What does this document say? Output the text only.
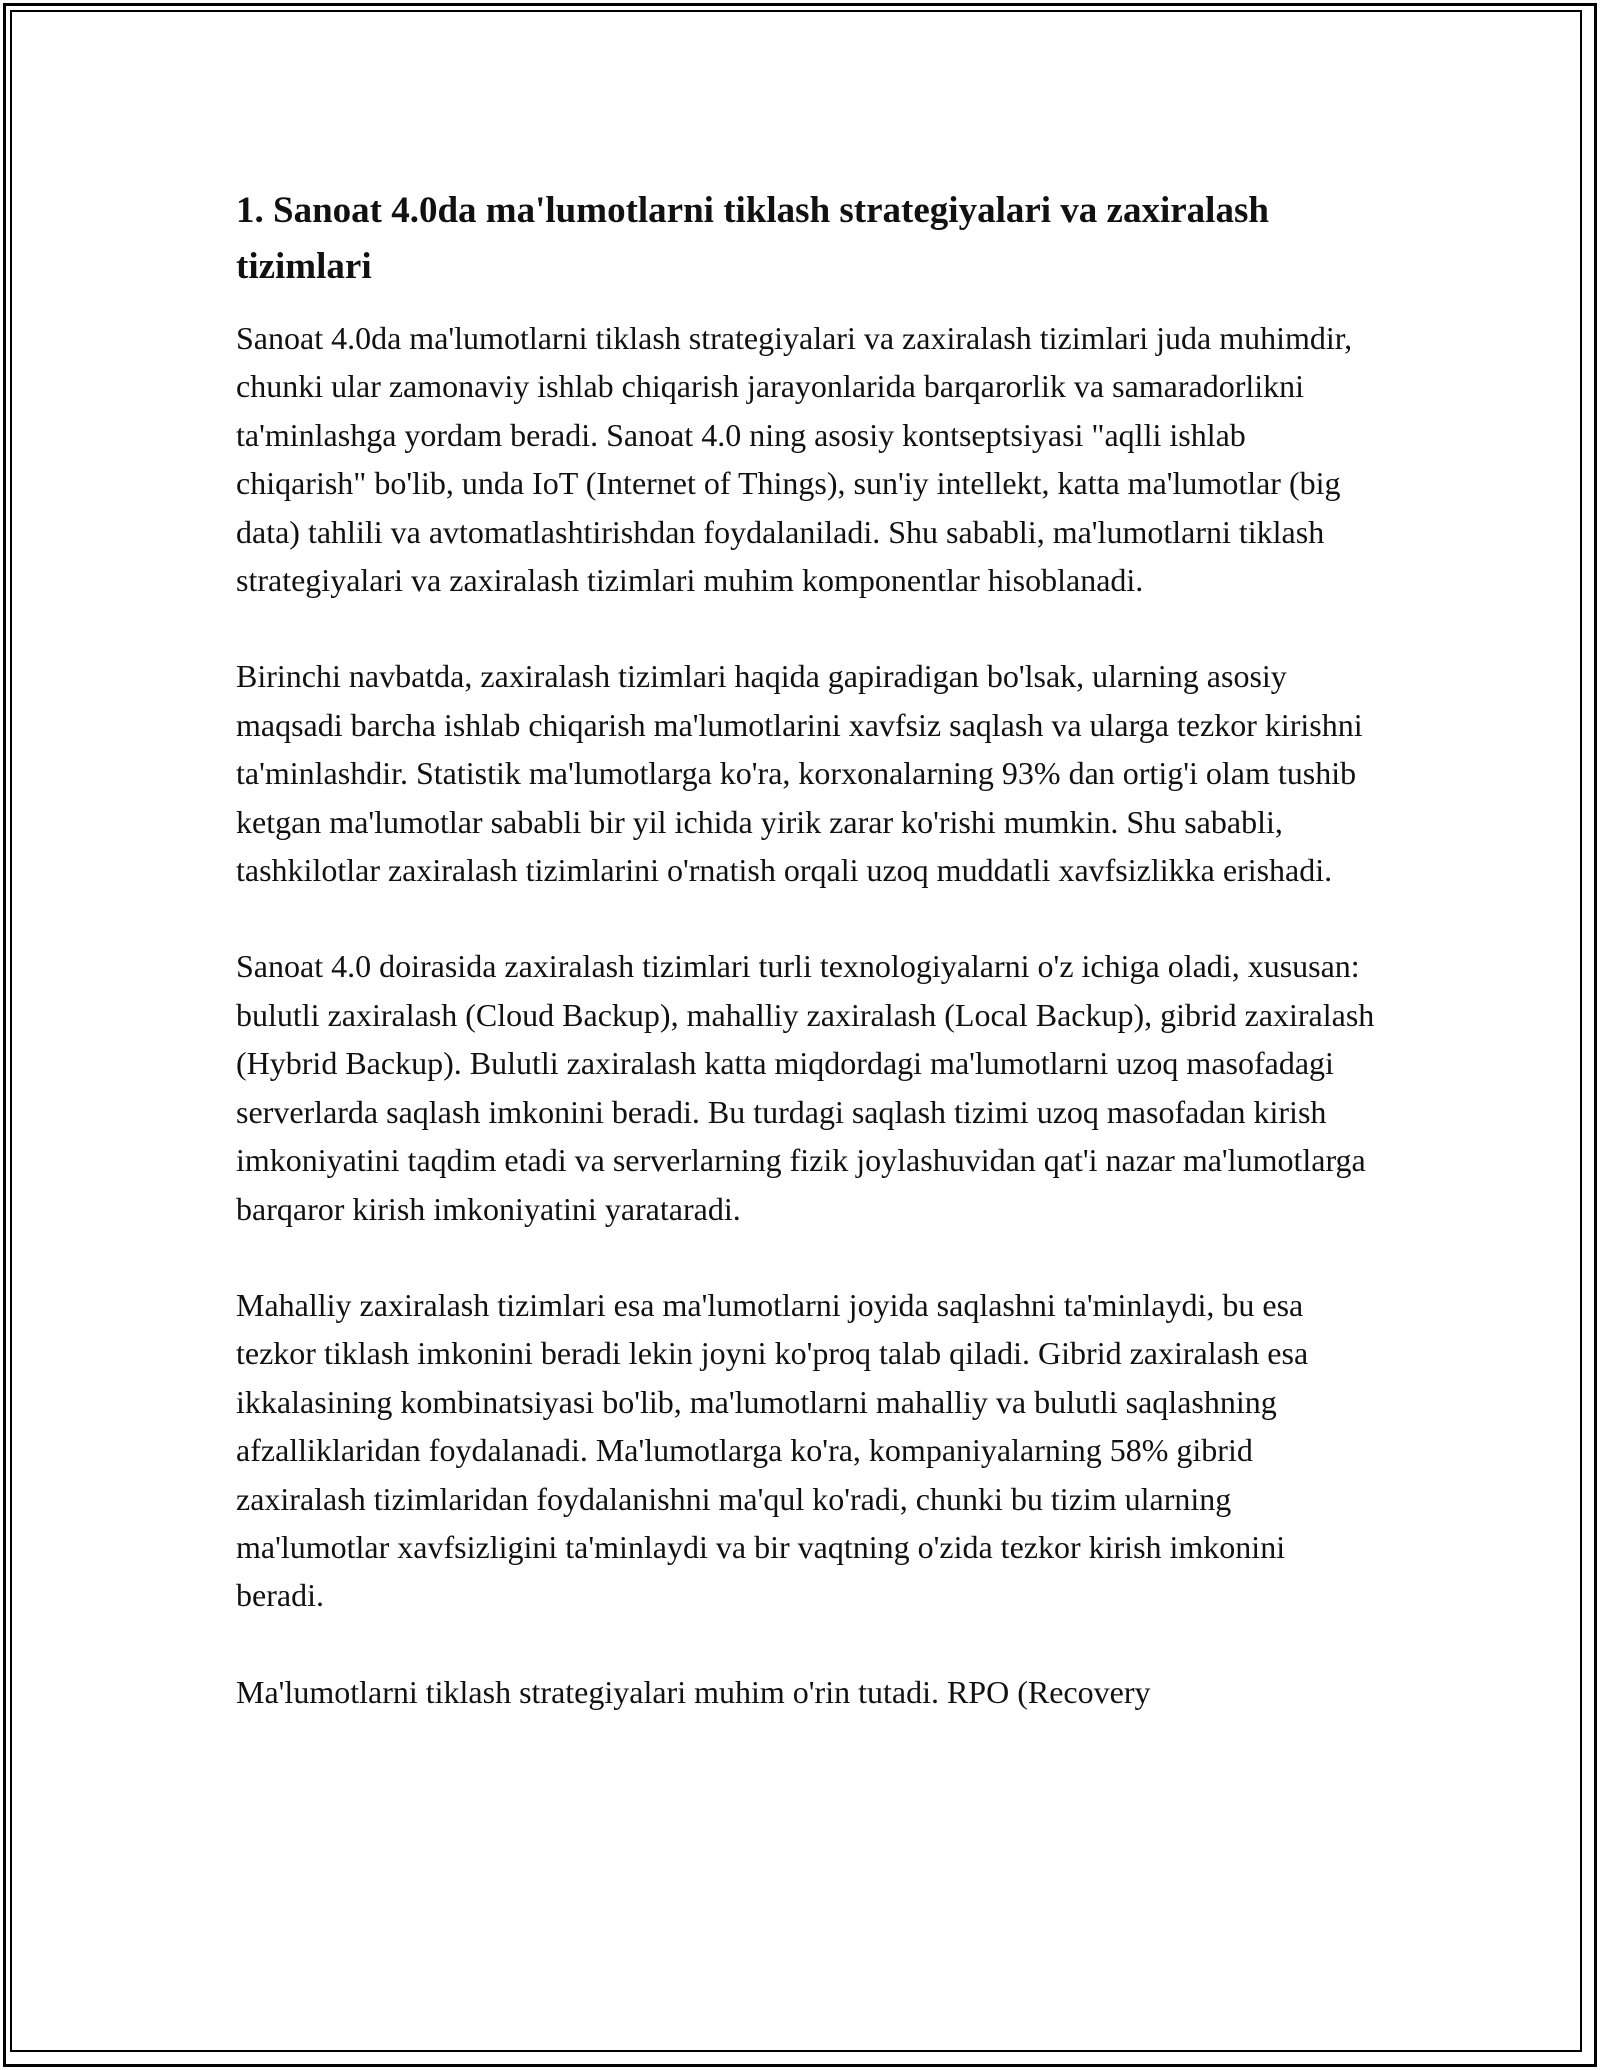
1. Sanoat 4.0da ma'lumotlarni tiklash strategiyalari va zaxiralash tizimlari

Sanoat 4.0da ma'lumotlarni tiklash strategiyalari va zaxiralash tizimlari juda muhimdir, chunki ular zamonaviy ishlab chiqarish jarayonlarida barqarorlik va samaradorlikni ta'minlashga yordam beradi. Sanoat 4.0 ning asosiy kontseptsiyasi "aqlli ishlab chiqarish" bo'lib, unda IoT (Internet of Things), sun'iy intellekt, katta ma'lumotlar (big data) tahlili va avtomatlashtirishdan foydalaniladi. Shu sababli, ma'lumotlarni tiklash strategiyalari va zaxiralash tizimlari muhim komponentlar hisoblanadi.

Birinchi navbatda, zaxiralash tizimlari haqida gapiradigan bo'lsak, ularning asosiy maqsadi barcha ishlab chiqarish ma'lumotlarini xavfsiz saqlash va ularga tezkor kirishni ta'minlashdir. Statistik ma'lumotlarga ko'ra, korxonalarning 93% dan ortig'i olam tushib ketgan ma'lumotlar sababli bir yil ichida yirik zarar ko'rishi mumkin. Shu sababli, tashkilotlar zaxiralash tizimlarini o'rnatish orqali uzoq muddatli xavfsizlikka erishadi.

Sanoat 4.0 doirasida zaxiralash tizimlari turli texnologiyalarni o'z ichiga oladi, xususan: bulutli zaxiralash (Cloud Backup), mahalliy zaxiralash (Local Backup), gibrid zaxiralash (Hybrid Backup). Bulutli zaxiralash katta miqdordagi ma'lumotlarni uzoq masofadagi serverlarda saqlash imkonini beradi. Bu turdagi saqlash tizimi uzoq masofadan kirish imkoniyatini taqdim etadi va serverlarning fizik joylashuvidan qat'i nazar ma'lumotlarga barqaror kirish imkoniyatini yarataradi.

Mahalliy zaxiralash tizimlari esa ma'lumotlarni joyida saqlashni ta'minlaydi, bu esa tezkor tiklash imkonini beradi lekin joyni ko'proq talab qiladi. Gibrid zaxiralash esa ikkalasining kombinatsiyasi bo'lib, ma'lumotlarni mahalliy va bulutli saqlashning afzalliklaridan foydalanadi. Ma'lumotlarga ko'ra, kompaniyalarning 58% gibrid zaxiralash tizimlaridan foydalanishni ma'qul ko'radi, chunki bu tizim ularning ma'lumotlar xavfsizligini ta'minlaydi va bir vaqtning o'zida tezkor kirish imkonini beradi.

Ma'lumotlarni tiklash strategiyalari muhim o'rin tutadi. RPO (Recovery
